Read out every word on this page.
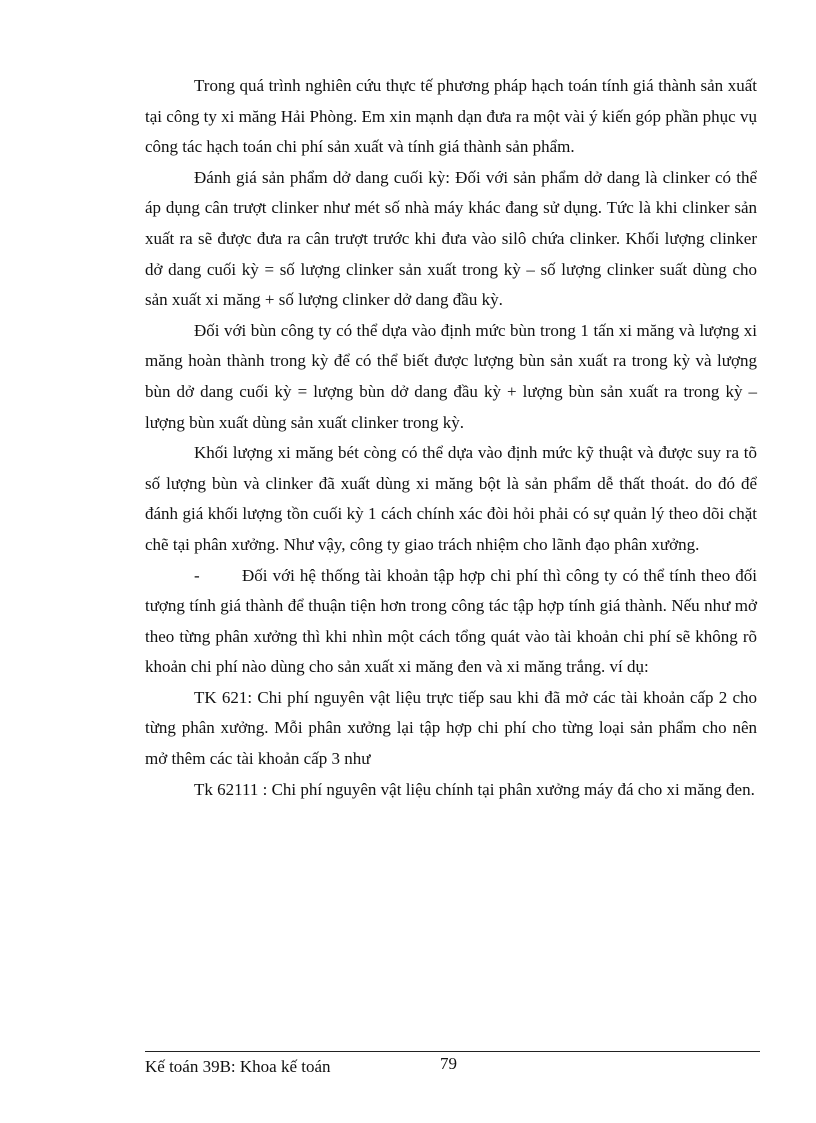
Trong quá trình nghiên cứu thực tế phương pháp hạch toán tính giá thành sản xuất tại công ty xi măng Hải Phòng. Em xin mạnh dạn đưa ra một vài ý kiến góp phần phục vụ công tác hạch toán chi phí sản xuất và tính giá thành sản phẩm.

Đánh giá sản phẩm dở dang cuối kỳ: Đối với sản phẩm dở dang là clinker có thể áp dụng cân trượt clinker như mét số nhà máy khác đang sử dụng. Tức là khi clinker sản xuất ra sẽ được đưa ra cân trượt trước khi đưa vào silô chứa clinker. Khối lượng clinker dở dang cuối kỳ = số lượng clinker sản xuất trong kỳ – số lượng clinker suất dùng cho sản xuất xi măng + số lượng clinker dở dang đầu kỳ.

Đối với bùn công ty có thể dựa vào định mức bùn trong 1 tấn xi măng và lượng xi măng hoàn thành trong kỳ để có thể biết được lượng bùn sản xuất ra trong kỳ và lượng bùn dở dang cuối kỳ = lượng bùn dở dang đầu kỳ + lượng bùn sản xuất ra trong kỳ – lượng bùn xuất dùng sản xuất clinker trong kỳ.

Khối lượng xi măng bét còng có thể dựa vào định mức kỹ thuật và được suy ra tõ số lượng bùn và clinker đã xuất dùng xi măng bột là sản phẩm dễ thất thoát. do đó để đánh giá khối lượng tồn cuối kỳ 1 cách chính xác đòi hỏi phải có sự quản lý theo dõi chặt chẽ tại phân xưởng. Như vậy, công ty giao trách nhiệm cho lãnh đạo phân xưởng.

- Đối với hệ thống tài khoản tập hợp chi phí thì công ty có thể tính theo đối tượng tính giá thành để thuận tiện hơn trong công tác tập hợp tính giá thành. Nếu như mở theo từng phân xưởng thì khi nhìn một cách tổng quát vào tài khoản chi phí sẽ không rõ khoản chi phí nào dùng cho sản xuất xi măng đen và xi măng trắng. ví dụ:

TK 621: Chi phí nguyên vật liệu trực tiếp sau khi đã mở các tài khoản cấp 2 cho từng phân xưởng. Mỗi phân xưởng lại tập hợp chi phí cho từng loại sản phẩm cho nên mở thêm các tài khoản cấp 3 như

Tk 62111 : Chi phí nguyên vật liệu chính tại phân xưởng máy đá cho xi măng đen.

Kế toán 39B: Khoa kế toán	79
